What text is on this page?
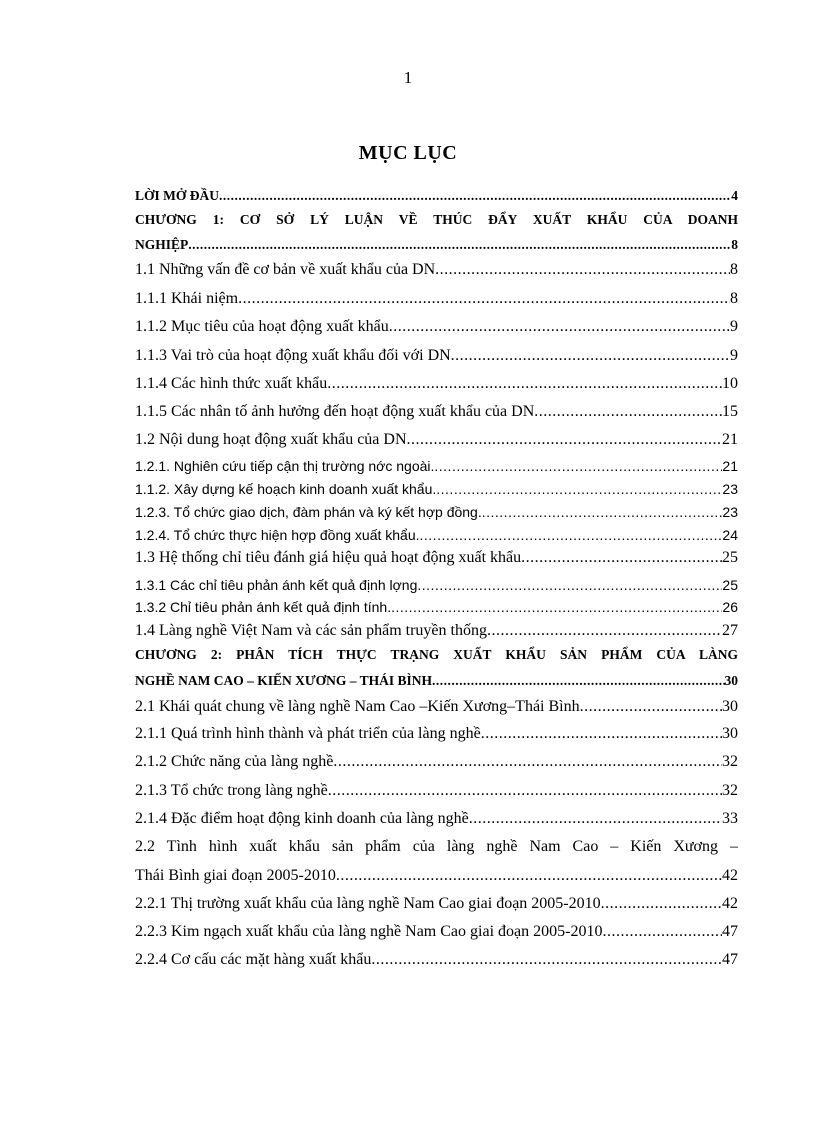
1
MỤC LỤC
LỜI MỞ ĐẦU .....	4
CHƯƠNG 1: CƠ SỞ LÝ LUẬN VỀ THÚC ĐẨY XUẤT KHẨU CỦA DOANH
NGHIỆP .....	8
1.1 Những vấn đề cơ bản về xuất khẩu của DN .....	8
1.1.1 Khái niệm .....	8
1.1.2 Mục tiêu của hoạt động xuất khẩu .....	9
1.1.3 Vai trò của hoạt động xuất khẩu đối với DN .....	9
1.1.4 Các hình thức xuất khẩu .....	10
1.1.5 Các nhân tố ảnh hưởng đến hoạt động xuất khẩu của DN .....	15
1.2 Nội dung hoạt động xuất khẩu của DN .....	21
1.2.1. Nghiên cứu tiếp cận thị trường nớc ngoài. .....	21
1.1.2. Xây dựng kế hoạch kinh doanh xuất khẩu. .....	23
1.2.3. Tổ chức giao dịch, đàm phán và ký kết hợp đồng. .....	23
1.2.4. Tổ chức thực hiện hợp đồng xuất khẩu. .....	24
1.3 Hệ thống chỉ tiêu đánh giá hiệu quả hoạt động xuất khẩu .....	25
1.3.1 Các chỉ tiêu phản ánh kết quả định lợng .....	25
1.3.2 Chỉ tiêu phản ánh kết quả định tính. .....	26
1.4 Làng nghề Việt Nam và các sản phẩm truyền thống .....	27
CHƯƠNG 2: PHÂN TÍCH THỰC TRẠNG XUẤT KHẨU SẢN PHẨM CỦA LÀNG
NGHỀ NAM CAO – KIẾN XƯƠNG – THÁI BÌNH .....	30
2.1 Khái quát chung về làng nghề Nam Cao –Kiến Xương–Thái Bình .....	30
2.1.1 Quá trình hình thành và phát triển của làng nghề .....	30
2.1.2 Chức năng của làng nghề .....	32
2.1.3 Tổ chức trong làng nghề .....	32
2.1.4 Đặc điểm hoạt động kinh doanh của làng nghề .....	33
2.2 Tình hình xuất khẩu sản phẩm của làng nghề Nam Cao – Kiến Xương –
Thái Bình giai đoạn 2005-2010 .....	42
2.2.1 Thị trường xuất khẩu của làng nghề Nam Cao giai đoạn 2005-2010 .....	42
2.2.3 Kim ngạch xuất khẩu của làng nghề Nam Cao giai đoạn 2005-2010 .....	47
2.2.4 Cơ cấu các mặt hàng xuất khẩu .....	47
